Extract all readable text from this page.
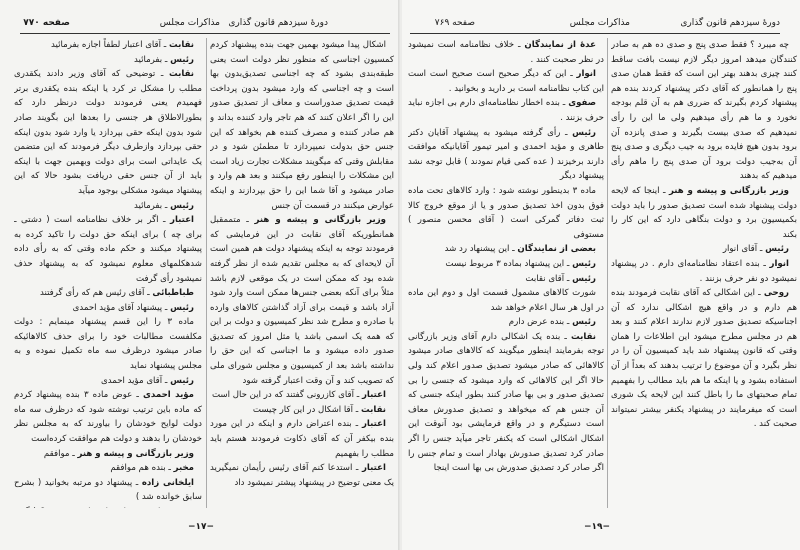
دورهٔ سیزدهم قانون گذاری
مذاکرات مجلس
صفحه ۷۷۰

نقابت ـ آقای اعتبار لطفاً اجازه بفرمائید

رئیس ـ بفرمائید

نقابت ـ توضیحی که آقای وزیر دادند یکقدری مطلب را مشکل تر کرد یا اینکه بنده یکقدری برتر فهمیدم یعنی فرمودند دولت درنظر دارد که بطورالاطلاق هر جنسی را بعدها این بگویند صادر شود بدون اینکه حقی بپردازد یا وارد شود بدون اینکه حقی بپردازد وازطرف دیگر فرمودند که این متضمن یک عایداتی است برای دولت وبهمین جهت با اینکه باید از آن جنس حقی دریافت بشود حالا که این پیشنهاد میشود مشکلی بوجود میآید

رئیس ـ بفرمائید

اعتبار ـ اگر بر خلاف نظامنامه است ( دشتی ـ برای چه ) برای اینکه حق دولت را تاکید کرده به پیشنهاد میکنند و حکم ماده وقتی که به رأی داده شدهکلمهای معلوم نمیشود که به پیشنهاد حذف نمیشود رأی گرفت

طباطبائی ـ آقای رئیس هم که رأی گرفتند

رئیس ـ پیشنهاد آقای مؤید احمدی

ماده ۳ را این قسم پیشنهاد مینمایم : دولت مکلفست مطالبات خود را برای حذف کالاهائیکه صادر میشود درظرف سه ماه تکمیل نموده و به مجلس پیشنهاد نماید

رئیس ـ آقای مؤید احمدی

مؤید احمدی ـ عوض ماده ۳ بنده پیشنهاد کردم که ماده باین ترتیب نوشته شود که درظرف سه ماه دولت لوایح خودشان را بیاورند که به مجلس نظر خودشان را بدهند و دولت هم موافقت کرده‌است

وزیر بازرگانی و پیشه و هنر ـ موافقم

مخبر ـ بنده هم موافقم

ایلخانی زاده ـ پیشنهاد دو مرتبه بخوانید ( بشرح سابق خوانده شد )

اشکال پیدا میشود بهمین جهت بنده پیشنهاد کردم کمسیون اجناسی که منظور نظر دولت است یعنی طبقه‌بندی بشود که چه اجناسی تصدیق‌بدون بها است و چه اجناسی که وارد میشود بدون پرداخت قیمت تصدیق صدوراست و معاف از تصدیق صدور این را اگر اعلان کنند که هم تاجر وارد کننده بداند و هم صادر کننده و مصرف کننده هم بخواهد که این جنس حق بدولت نمیپردازد تا مطمئن شود و در مقابلش وقتی که میگویند مشکلات تجارت زیاد است این مشکلات را اینطور رفع میکنند و بعد هم وارد و صادر میشود و آقا شما این را حق بپردازند و اینکه عوارض میکنند در قسمت آن جنس

وزیر بازرگانی و پیشه و هنر ـ متممقبل همانطوریکه آقای نقابت در این فرمایشی که فرمودند توجه به اینکه پیشنهاد دولت هم همین است آن لایحه‌ای که به مجلس تقدیم شده از نظر گرفته شده بود که ممکن است در یک موقعی لازم باشد مثلاً برای آنکه بعضی جنس‌ها ممکن است وارد شود آزاد باشد و قیمت برای آزاد گذاشتن کالاهای وارده با صادره و مطرح شد نظر کمیسیون و دولت بر این که همه یک اسمی باشد یا مثل امروز که تصدیق صدور داده میشود و ما اجناسی که این حق را نداشته باشد بعد از کمیسیون و مجلس شورای ملی که تصویب کند و آن وقت اعتبار گرفته شود

اعتبار ـ آقای کازرونی گفتند که در این حال است

نقابت ـ آقا اشکال در این کار چیست

اعتبار ـ بنده اعتراض دارم و اینکه در این مورد بنده بیکفر آن که آقای ذکاوت فرمودند هستم باید مطلب را بفهمیم

اعتبار ـ استدعا کنم آقای رئیس رأیمان نمیگیرید یک معنی توضیح در پیشنهاد پیشتر نمیشود داد

−۱۷−
دورهٔ سیزدهم قانون گذاری
مذاکرات مجلس
صفحه ۷۶۹

عدهٔ از نمایندگان ـ خلاف نظامنامه است نمیشود در نظر صحبت کنند .

انوار ـ این که دیگر صحیح است صحیح است است این کتاب نظامنامه است بر دارید و بخوانید .

صفوی ـ بنده اخطار نظامنامه‌ای دارم بی اجازه نباید حرف بزنند .

رئیس ـ رأی گرفته میشود به پیشنهاد آقایان دکتر طاهری و مؤید احمدی و امیر تیمور آقایانیکه موافقت دارند برخیزند ( عده کمی قیام نمودند ) قابل توجه نشد پیشنهاد دیگر

ماده ۳ بدینطور نوشته شود : وارد کالاهای تحت ماده فوق بدون اخذ تصدیق صدور و یا از موقع خروج کالا ثبت دفاتر گمرکی است ( آقای محسن منصور ) مستوفی

بعضی از نمایندگان ـ این پیشنهاد رد شد

رئیس ـ این پیشنهاد بماده ۳ مربوط نیست

رئیس ـ آقای نقابت

شورت کالاهای مشمول قسمت اول و دوم این ماده در اول هر سال اعلام خواهد شد

رئیس ـ بنده عرض دارم

نقابت ـ بنده یک اشکالی دارم آقای وزیر بازرگانی توجه بفرمایند اینطور میگویند که کالاهای صادر میشود کالاهائی که صادر میشود تصدیق صدور اعلام کند ولی حالا اگر این کالاهائی که وارد میشود که جنسی را بی تصدیق صدور و بی بها صادر کنند بطور اینکه جنسی که آن جنس هم که میخواهد و تصدیق صدورش معاف است دستیگرم و در واقع فرمایشی بود آنوقت این اشکال اشکالی است که یکنفر تاجر میآید جنس را اگر صادر کرد تصدیق صدورش بهادار است و تمام جنس را اگر صادر کرد تصدیق صدورش بی بها است اینجا

چه میبرد ؟ فقط صدی پنج و صدی ده هم به صادر کنندگان میدهد امروز دیگر لازم نیست بافت ساقط کنند چیزی بدهند بهتر این است که فقط همان صدی پنج را همانطور که آقای دکتر پیشنهاد کردند بنده هم پیشنهاد کردم بگیرند که ضرری هم به آن قلم بودجه نخورد و ما هم رأی میدهیم ولی ما این را رأی نمیدهیم که صدی بیست بگیرند و صدی پانزده آن برود بدون هیچ فایده برود به جیب دیگری و صدی پنج آن به‌جیب دولت برود آن صدی پنج را ماهم رأی میدهیم که بدهند

وزیر بازرگانی و پیشه و هنر ـ اینجا که لایحه دولت پیشنهاد شده است تصدیق صدور را باید دولت بکمیسیون برد و دولت بنگاهی دارد که این کار را بکند

رئیس ـ آقای انوار

انوار ـ بنده اعتقاد نظامنامه‌ای دارم . در پیشنهاد نمیشود دو نفر حرف بزنند .

روحی ـ این اشکالی که آقای نقابت فرمودند بنده هم دارم و در واقع هیچ اشکالی ندارد که آن اجناسیکه تصدیق صدور لازم ندارند اعلام کنند و بعد هم در مجلس مطرح میشود این اطلاعات را همان وقتی که قانون پیشنهاد شد باید کمیسیون آن را در نظر بگیرد و آن موضوع را ترتیب بدهند که بعداً از آن استفاده بشود و یا اینکه ما هم باید مطالب را بفهمیم تمام صحبتهای ما را باطل کنند این لایحه یک شوری است که میفرمایند در پیشنهاد یکنفر بیشتر نمیتواند صحبت کند .

−۱۹−
